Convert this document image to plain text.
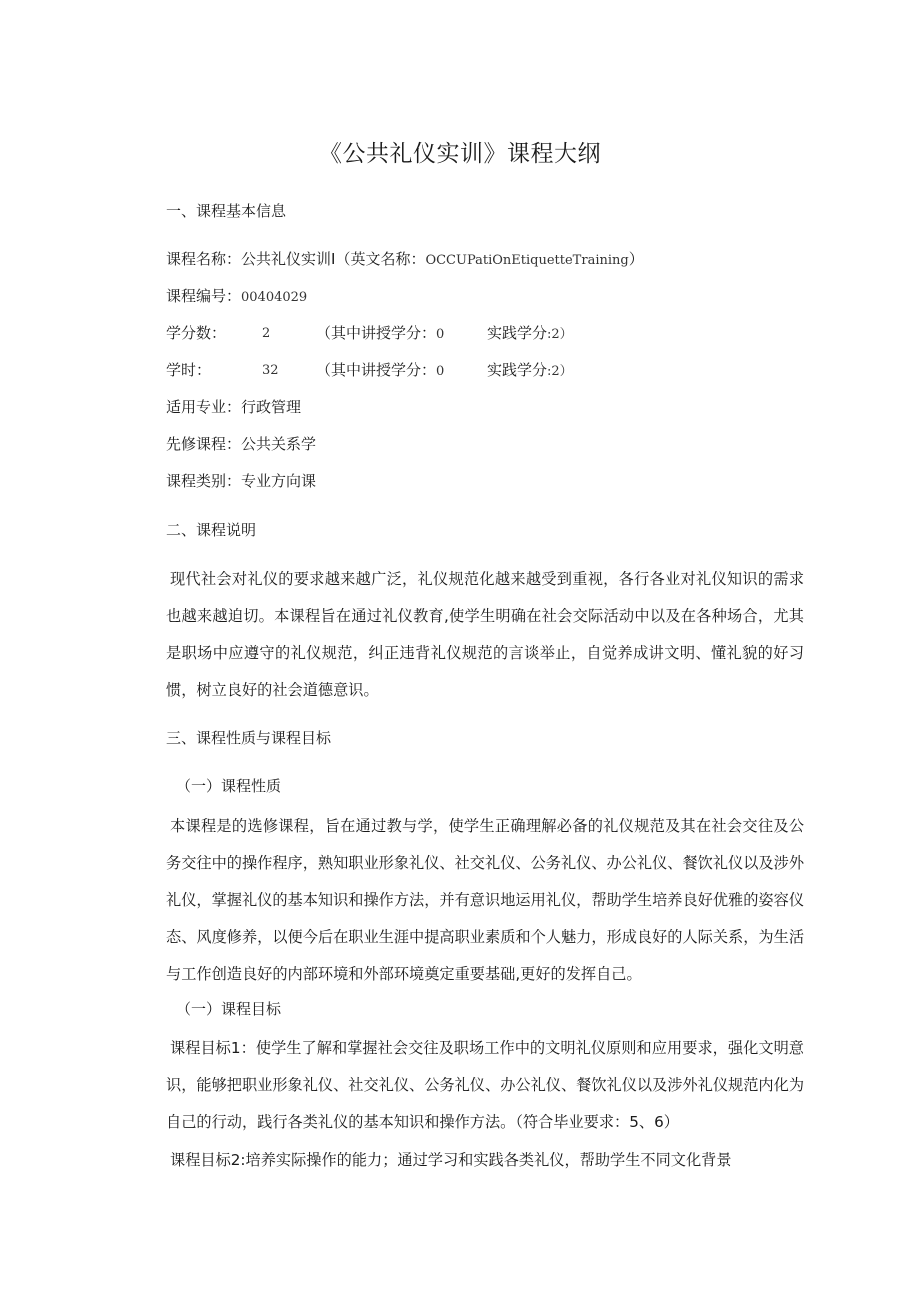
《公共礼仪实训》课程大纲
一、课程基本信息
课程名称：公共礼仪实训Ⅰ（英文名称：OCCUPatiOnEtiquetteTraining）
课程编号：00404029
学分数：	2	（其中讲授学分：0	实践学分:2）
学时：	32 （其中讲授学分：0	实践学分:2）
适用专业：行政管理
先修课程：公共关系学
课程类别：专业方向课
二、课程说明
现代社会对礼仪的要求越来越广泛，礼仪规范化越来越受到重视，各行各业对礼仪知识的需求也越来越迫切。本课程旨在通过礼仪教育,使学生明确在社会交际活动中以及在各种场合，尤其是职场中应遵守的礼仪规范，纠正违背礼仪规范的言谈举止，自觉养成讲文明、懂礼貌的好习惯，树立良好的社会道德意识。
三、课程性质与课程目标
（一）课程性质
本课程是的选修课程，旨在通过教与学，使学生正确理解必备的礼仪规范及其在社会交往及公务交往中的操作程序，熟知职业形象礼仪、社交礼仪、公务礼仪、办公礼仪、餐饮礼仪以及涉外礼仪，掌握礼仪的基本知识和操作方法，并有意识地运用礼仪，帮助学生培养良好优雅的姿容仪态、风度修养，以便今后在职业生涯中提高职业素质和个人魅力，形成良好的人际关系，为生活与工作创造良好的内部环境和外部环境奠定重要基础,更好的发挥自己。
（一）课程目标
课程目标1：使学生了解和掌握社会交往及职场工作中的文明礼仪原则和应用要求，强化文明意识，能够把职业形象礼仪、社交礼仪、公务礼仪、办公礼仪、餐饮礼仪以及涉外礼仪规范内化为自己的行动，践行各类礼仪的基本知识和操作方法。（符合毕业要求：5、6）
课程目标2:培养实际操作的能力；通过学习和实践各类礼仪，帮助学生不同文化背景
